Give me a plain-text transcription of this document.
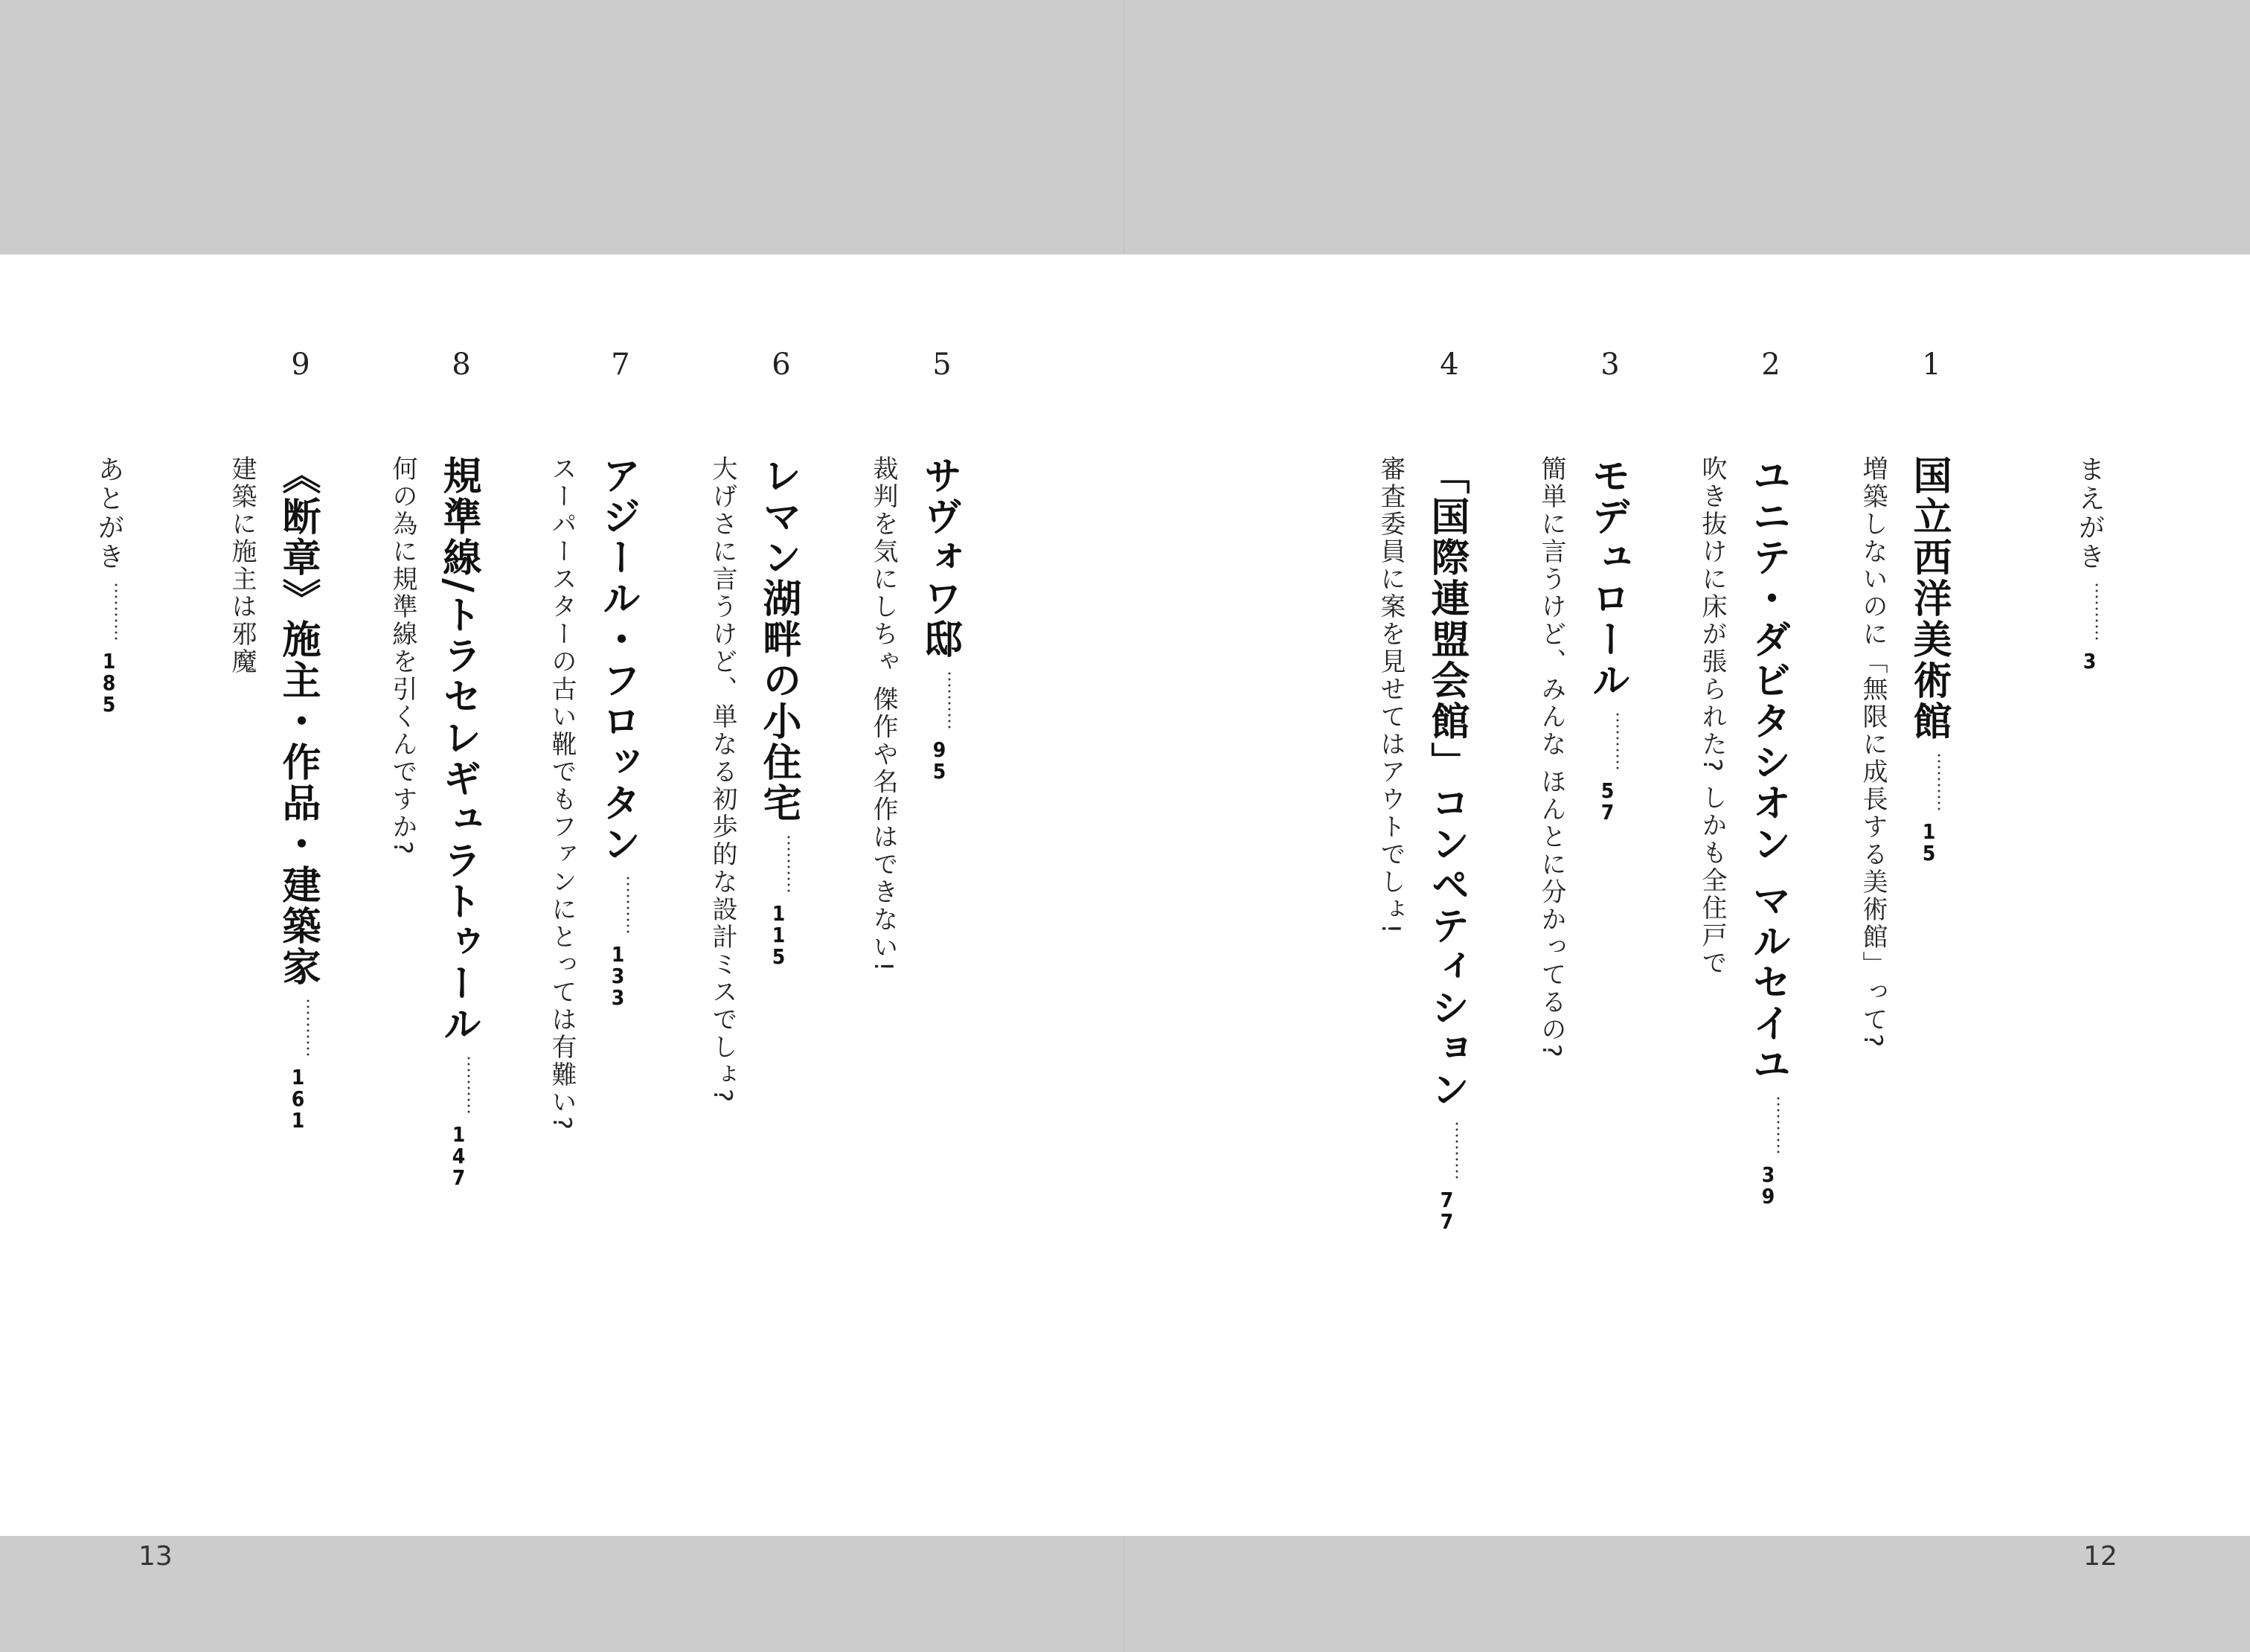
13	12
まえがき3
1
国立西洋美術館15
増築しないのに「無限に成長する美術館」って?
2
ユニテ・ダビタシオン マルセイユ39
吹き抜けに床が張られた? しかも全住戸で
3
モデュロール57
簡単に言うけど、みんな ほんとに分かってるの?
4
「国際連盟会館」コンペティション77
審査委員に案を見せてはアウトでしょ!
5
サヴォワ邸95
裁判を気にしちゃ 傑作や名作はできない!
6
レマン湖畔の小住宅115
大げさに言うけど、単なる初歩的な設計ミスでしょ?
7
アジール・フロッタン133
スーパースターの古い靴でもファンにとっては有難い?
8
規準線/トラセレギュラトゥール147
何の為に規準線を引くんですか?
9
《断章》施主・作品・建築家161
建築に施主は邪魔
あとがき185
